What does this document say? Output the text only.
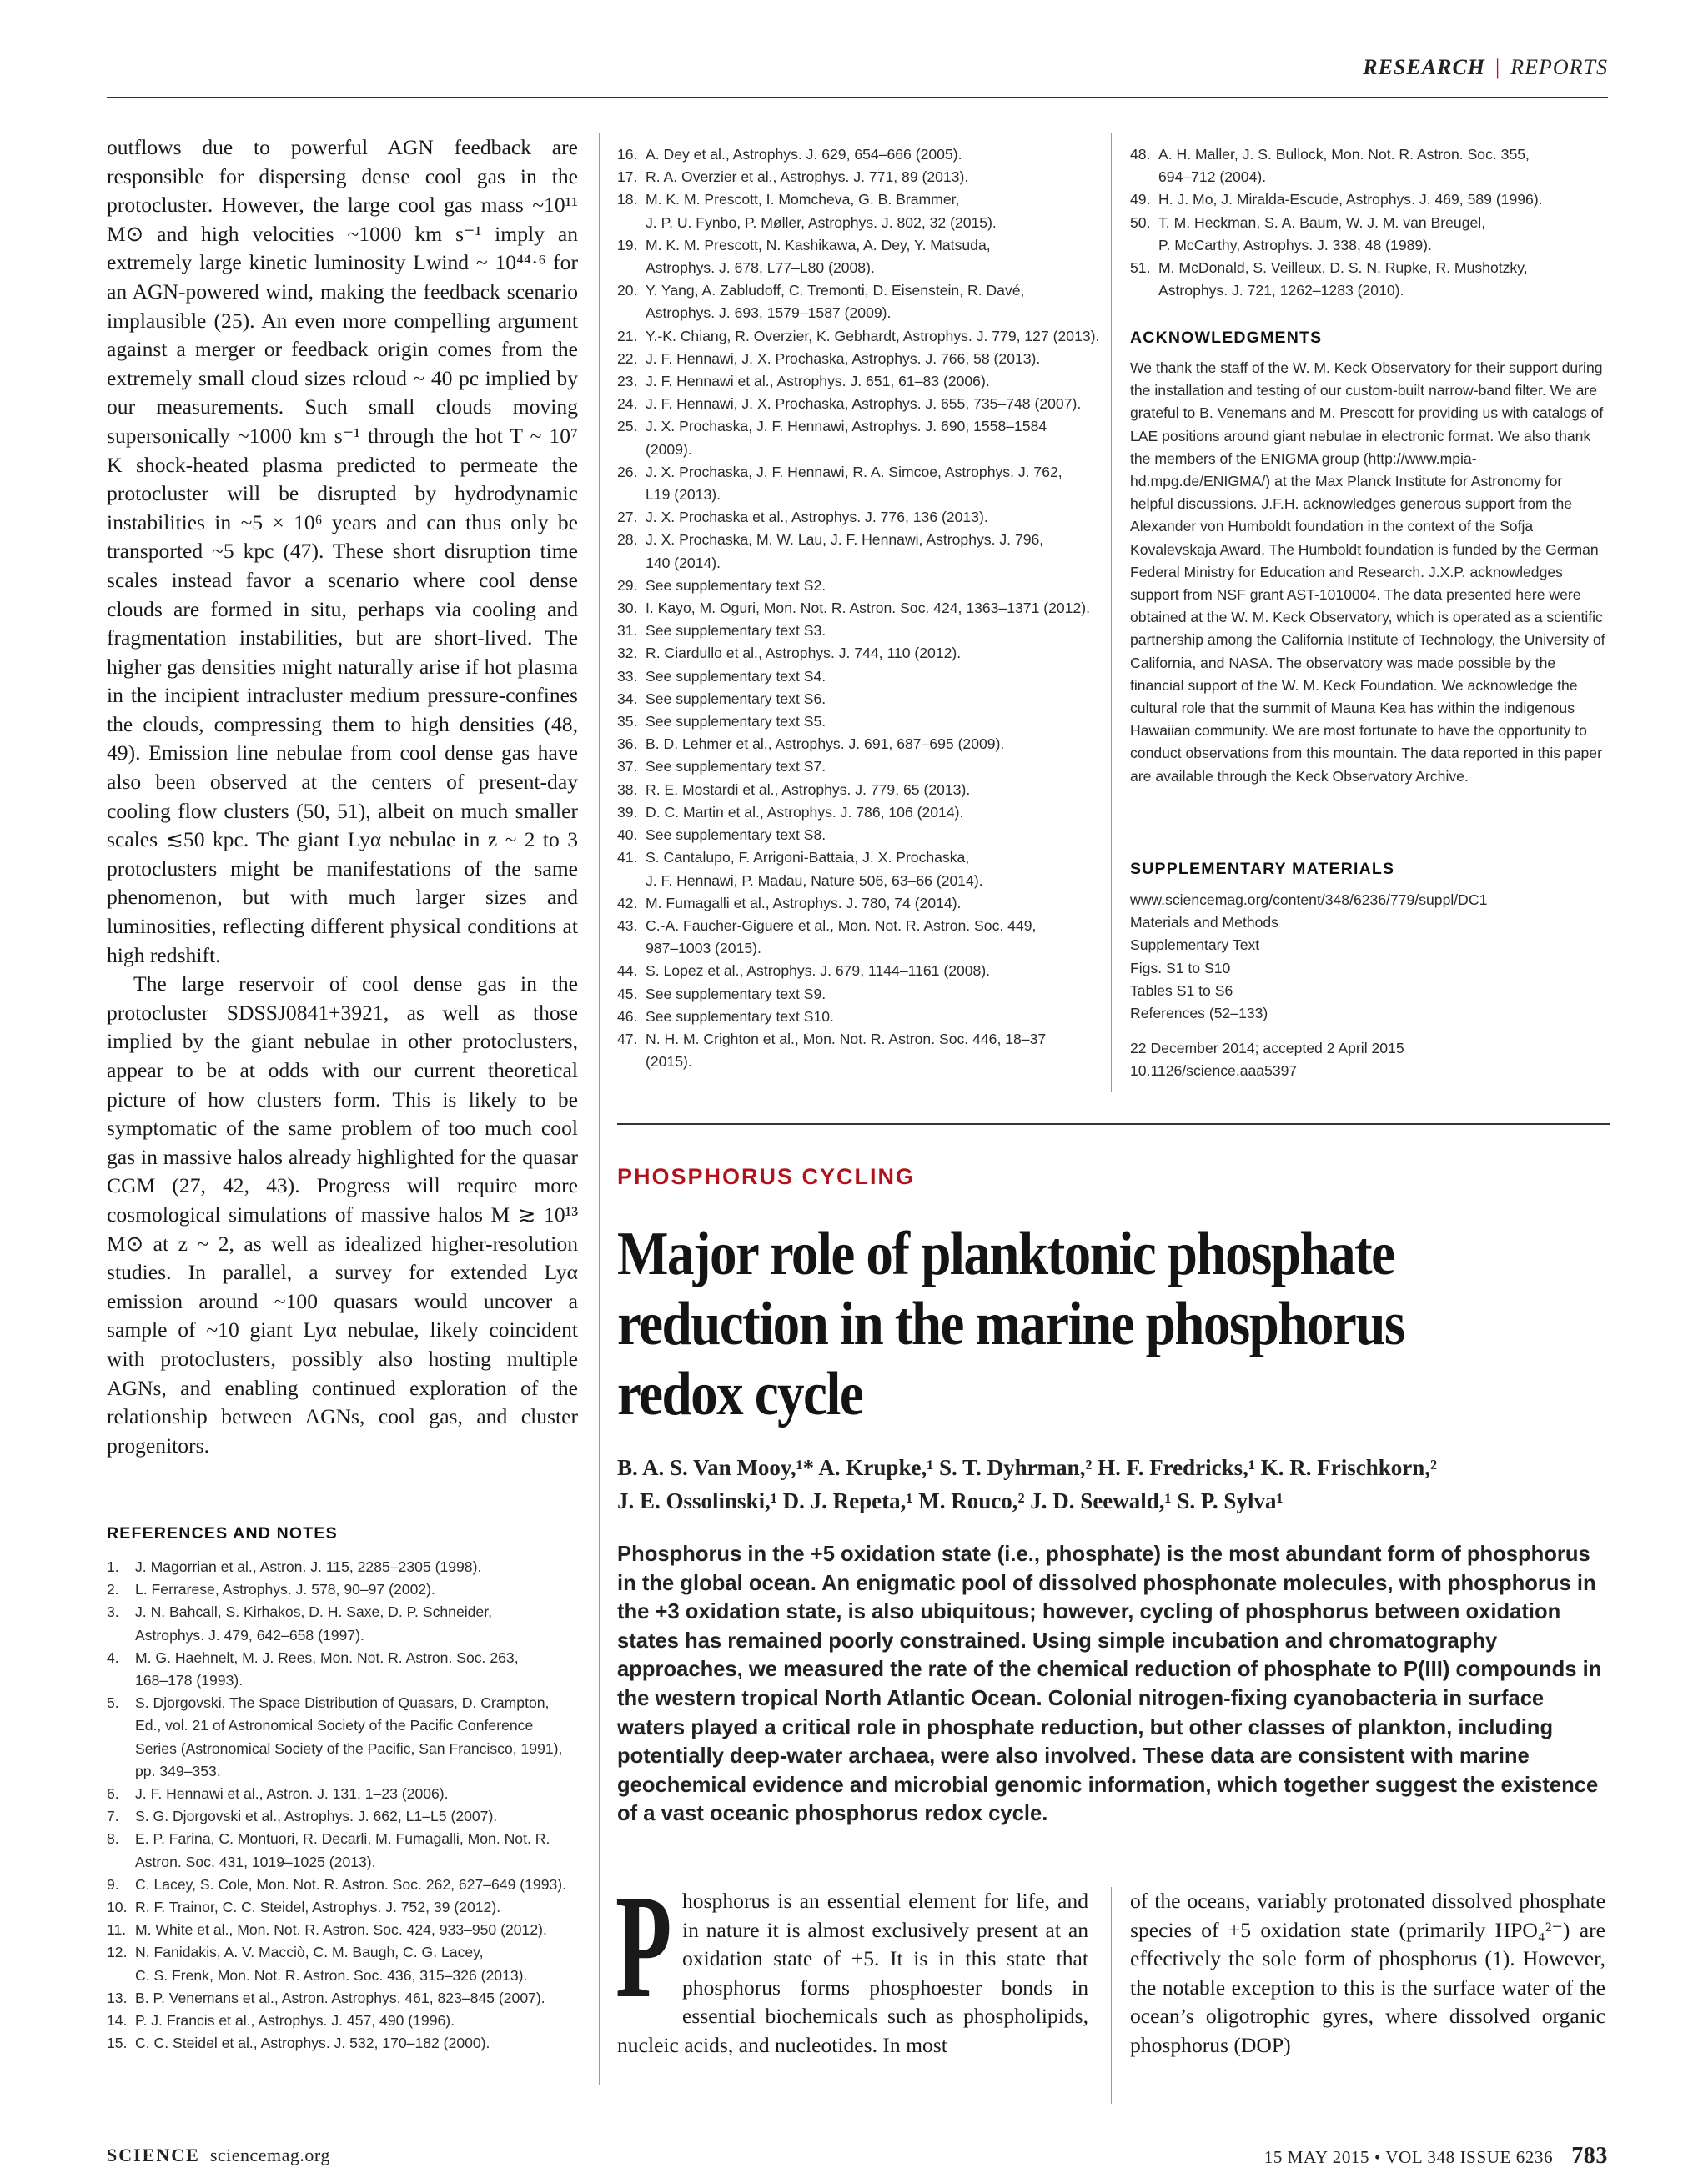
RESEARCH | REPORTS

outflows due to powerful AGN feedback are responsible for dispersing dense cool gas in the protocluster. However, the large cool gas mass ~10¹¹ M⊙ and high velocities ~1000 km s⁻¹ imply an extremely large kinetic luminosity Lwind ~ 10⁴⁴·⁶ for an AGN-powered wind, making the feedback scenario implausible (25). An even more compelling argument against a merger or feedback origin comes from the extremely small cloud sizes rcloud ~ 40 pc implied by our measurements. Such small clouds moving supersonically ~1000 km s⁻¹ through the hot T ~ 10⁷ K shock-heated plasma predicted to permeate the protocluster will be disrupted by hydrodynamic instabilities in ~5 × 10⁶ years and can thus only be transported ~5 kpc (47). These short disruption time scales instead favor a scenario where cool dense clouds are formed in situ, perhaps via cooling and fragmentation instabilities, but are short-lived. The higher gas densities might naturally arise if hot plasma in the incipient intracluster medium pressure-confines the clouds, compressing them to high densities (48, 49). Emission line nebulae from cool dense gas have also been observed at the centers of present-day cooling flow clusters (50, 51), albeit on much smaller scales ≲50 kpc. The giant Lyα nebulae in z ~ 2 to 3 protoclusters might be manifestations of the same phenomenon, but with much larger sizes and luminosities, reflecting different physical conditions at high redshift.

The large reservoir of cool dense gas in the protocluster SDSSJ0841+3921, as well as those implied by the giant nebulae in other protoclusters, appear to be at odds with our current theoretical picture of how clusters form. This is likely to be symptomatic of the same problem of too much cool gas in massive halos already highlighted for the quasar CGM (27, 42, 43). Progress will require more cosmological simulations of massive halos M ≳ 10¹³ M⊙ at z ~ 2, as well as idealized higher-resolution studies. In parallel, a survey for extended Lyα emission around ~100 quasars would uncover a sample of ~10 giant Lyα nebulae, likely coincident with protoclusters, possibly also hosting multiple AGNs, and enabling continued exploration of the relationship between AGNs, cool gas, and cluster progenitors.

REFERENCES AND NOTES
1. J. Magorrian et al., Astron. J. 115, 2285–2305 (1998).
2. L. Ferrarese, Astrophys. J. 578, 90–97 (2002).
3. J. N. Bahcall, S. Kirhakos, D. H. Saxe, D. P. Schneider,
Astrophys. J. 479, 642–658 (1997).
4. M. G. Haehnelt, M. J. Rees, Mon. Not. R. Astron. Soc. 263,
168–178 (1993).
5. S. Djorgovski, The Space Distribution of Quasars, D. Crampton,
Ed., vol. 21 of Astronomical Society of the Pacific Conference
Series (Astronomical Society of the Pacific, San Francisco, 1991),
pp. 349–353.
6. J. F. Hennawi et al., Astron. J. 131, 1–23 (2006).
7. S. G. Djorgovski et al., Astrophys. J. 662, L1–L5 (2007).
8. E. P. Farina, C. Montuori, R. Decarli, M. Fumagalli, Mon. Not. R.
Astron. Soc. 431, 1019–1025 (2013).
9. C. Lacey, S. Cole, Mon. Not. R. Astron. Soc. 262, 627–649 (1993).
10. R. F. Trainor, C. C. Steidel, Astrophys. J. 752, 39 (2012).
11. M. White et al., Mon. Not. R. Astron. Soc. 424, 933–950 (2012).
12. N. Fanidakis, A. V. Macciò, C. M. Baugh, C. G. Lacey,
C. S. Frenk, Mon. Not. R. Astron. Soc. 436, 315–326 (2013).
13. B. P. Venemans et al., Astron. Astrophys. 461, 823–845 (2007).
14. P. J. Francis et al., Astrophys. J. 457, 490 (1996).
15. C. C. Steidel et al., Astrophys. J. 532, 170–182 (2000).
16. A. Dey et al., Astrophys. J. 629, 654–666 (2005).
17. R. A. Overzier et al., Astrophys. J. 771, 89 (2013).
18. M. K. M. Prescott, I. Momcheva, G. B. Brammer,
J. P. U. Fynbo, P. Møller, Astrophys. J. 802, 32 (2015).
19. M. K. M. Prescott, N. Kashikawa, A. Dey, Y. Matsuda,
Astrophys. J. 678, L77–L80 (2008).
20. Y. Yang, A. Zabludoff, C. Tremonti, D. Eisenstein, R. Davé,
Astrophys. J. 693, 1579–1587 (2009).
21. Y.-K. Chiang, R. Overzier, K. Gebhardt, Astrophys. J. 779, 127 (2013).
22. J. F. Hennawi, J. X. Prochaska, Astrophys. J. 766, 58 (2013).
23. J. F. Hennawi et al., Astrophys. J. 651, 61–83 (2006).
24. J. F. Hennawi, J. X. Prochaska, Astrophys. J. 655, 735–748 (2007).
25. J. X. Prochaska, J. F. Hennawi, Astrophys. J. 690, 1558–1584
(2009).
26. J. X. Prochaska, J. F. Hennawi, R. A. Simcoe, Astrophys. J. 762,
L19 (2013).
27. J. X. Prochaska et al., Astrophys. J. 776, 136 (2013).
28. J. X. Prochaska, M. W. Lau, J. F. Hennawi, Astrophys. J. 796,
140 (2014).
29. See supplementary text S2.
30. I. Kayo, M. Oguri, Mon. Not. R. Astron. Soc. 424, 1363–1371 (2012).
31. See supplementary text S3.
32. R. Ciardullo et al., Astrophys. J. 744, 110 (2012).
33. See supplementary text S4.
34. See supplementary text S6.
35. See supplementary text S5.
36. B. D. Lehmer et al., Astrophys. J. 691, 687–695 (2009).
37. See supplementary text S7.
38. R. E. Mostardi et al., Astrophys. J. 779, 65 (2013).
39. D. C. Martin et al., Astrophys. J. 786, 106 (2014).
40. See supplementary text S8.
41. S. Cantalupo, F. Arrigoni-Battaia, J. X. Prochaska,
J. F. Hennawi, P. Madau, Nature 506, 63–66 (2014).
42. M. Fumagalli et al., Astrophys. J. 780, 74 (2014).
43. C.-A. Faucher-Giguere et al., Mon. Not. R. Astron. Soc. 449,
987–1003 (2015).
44. S. Lopez et al., Astrophys. J. 679, 1144–1161 (2008).
45. See supplementary text S9.
46. See supplementary text S10.
47. N. H. M. Crighton et al., Mon. Not. R. Astron. Soc. 446, 18–37
(2015).
48. A. H. Maller, J. S. Bullock, Mon. Not. R. Astron. Soc. 355,
694–712 (2004).
49. H. J. Mo, J. Miralda-Escude, Astrophys. J. 469, 589 (1996).
50. T. M. Heckman, S. A. Baum, W. J. M. van Breugel,
P. McCarthy, Astrophys. J. 338, 48 (1989).
51. M. McDonald, S. Veilleux, D. S. N. Rupke, R. Mushotzky,
Astrophys. J. 721, 1262–1283 (2010).
ACKNOWLEDGMENTS
We thank the staff of the W. M. Keck Observatory for their support during the installation and testing of our custom-built narrow-band filter. We are grateful to B. Venemans and M. Prescott for providing us with catalogs of LAE positions around giant nebulae in electronic format. We also thank the members of the ENIGMA group (http://www.mpia-hd.mpg.de/ENIGMA/) at the Max Planck Institute for Astronomy for helpful discussions. J.F.H. acknowledges generous support from the Alexander von Humboldt foundation in the context of the Sofja Kovalevskaja Award. The Humboldt foundation is funded by the German Federal Ministry for Education and Research. J.X.P. acknowledges support from NSF grant AST-1010004. The data presented here were obtained at the W. M. Keck Observatory, which is operated as a scientific partnership among the California Institute of Technology, the University of California, and NASA. The observatory was made possible by the financial support of the W. M. Keck Foundation. We acknowledge the cultural role that the summit of Mauna Kea has within the indigenous Hawaiian community. We are most fortunate to have the opportunity to conduct observations from this mountain. The data reported in this paper are available through the Keck Observatory Archive.
SUPPLEMENTARY MATERIALS
www.sciencemag.org/content/348/6236/779/suppl/DC1
Materials and Methods
Supplementary Text
Figs. S1 to S10
Tables S1 to S6
References (52–133)
22 December 2014; accepted 2 April 2015
10.1126/science.aaa5397
PHOSPHORUS CYCLING
Major role of planktonic phosphate reduction in the marine phosphorus redox cycle
B. A. S. Van Mooy,¹* A. Krupke,¹ S. T. Dyhrman,² H. F. Fredricks,¹ K. R. Frischkorn,²
J. E. Ossolinski,¹ D. J. Repeta,¹ M. Rouco,² J. D. Seewald,¹ S. P. Sylva¹
Phosphorus in the +5 oxidation state (i.e., phosphate) is the most abundant form of phosphorus in the global ocean. An enigmatic pool of dissolved phosphonate molecules, with phosphorus in the +3 oxidation state, is also ubiquitous; however, cycling of phosphorus between oxidation states has remained poorly constrained. Using simple incubation and chromatography approaches, we measured the rate of the chemical reduction of phosphate to P(III) compounds in the western tropical North Atlantic Ocean. Colonial nitrogen-fixing cyanobacteria in surface waters played a critical role in phosphate reduction, but other classes of plankton, including potentially deep-water archaea, were also involved. These data are consistent with marine geochemical evidence and microbial genomic information, which together suggest the existence of a vast oceanic phosphorus redox cycle.
P hosphorus is an essential element for life, and in nature it is almost exclusively present at an oxidation state of +5. It is in this state that phosphorus forms phosphoester bonds in essential biochemicals such as phospholipids, nucleic acids, and nucleotides. In most
of the oceans, variably protonated dissolved phosphate species of +5 oxidation state (primarily HPO₄²⁻) are effectively the sole form of phosphorus (1). However, the notable exception to this is the surface water of the ocean’s oligotrophic gyres, where dissolved organic phosphorus (DOP)
SCIENCE sciencemag.org	15 MAY 2015 • VOL 348 ISSUE 6236 783
